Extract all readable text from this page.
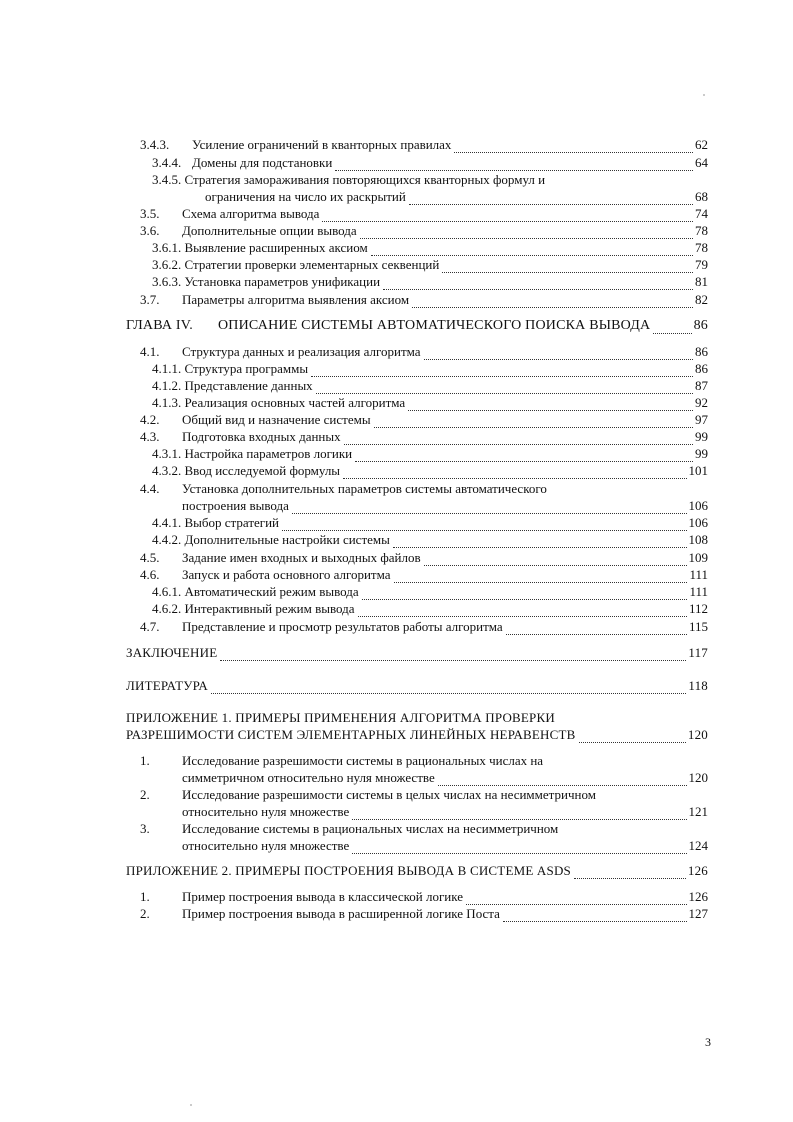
3.4.3. Усиление ограничений в кванторных правилах	62
3.4.4. Домены для подстановки	64
3.4.5. Стратегия замораживания повторяющихся кванторных формул и
ограничения на число их раскрытий	68
3.5. Схема алгоритма вывода	74
3.6. Дополнительные опции вывода	78
3.6.1. Выявление расширенных аксиом	78
3.6.2. Стратегии проверки элементарных секвенций	79
3.6.3. Установка параметров унификации	81
3.7. Параметры алгоритма выявления аксиом	82
ГЛАВА IV. ОПИСАНИЕ СИСТЕМЫ АВТОМАТИЧЕСКОГО ПОИСКА ВЫВОДА	86
4.1. Структура данных и реализация алгоритма	86
4.1.1. Структура программы	86
4.1.2. Представление данных	87
4.1.3. Реализация основных частей алгоритма	92
4.2. Общий вид и назначение системы	97
4.3. Подготовка входных данных	99
4.3.1. Настройка параметров логики	99
4.3.2. Ввод исследуемой формулы	101
4.4. Установка дополнительных параметров системы автоматического
построения вывода	106
4.4.1. Выбор стратегий	106
4.4.2. Дополнительные настройки системы	108
4.5. Задание имен входных и выходных файлов	109
4.6. Запуск и работа основного алгоритма	111
4.6.1. Автоматический режим вывода	111
4.6.2. Интерактивный режим вывода	112
4.7. Представление и просмотр результатов работы алгоритма	115
ЗАКЛЮЧЕНИЕ	117
ЛИТЕРАТУРА	118
ПРИЛОЖЕНИЕ 1. ПРИМЕРЫ ПРИМЕНЕНИЯ АЛГОРИТМА ПРОВЕРКИ
РАЗРЕШИМОСТИ СИСТЕМ ЭЛЕМЕНТАРНЫХ ЛИНЕЙНЫХ НЕРАВЕНСТВ	120
1. Исследование разрешимости системы в рациональных числах на
симметричном относительно нуля множестве	120
2. Исследование разрешимости системы в целых числах на несимметричном
относительно нуля множестве	121
3. Исследование системы в рациональных числах на несимметричном
относительно нуля множестве	124
ПРИЛОЖЕНИЕ 2. ПРИМЕРЫ ПОСТРОЕНИЯ ВЫВОДА В СИСТЕМЕ ASDS	126
1. Пример построения вывода в классической логике	126
2. Пример построения вывода в расширенной логике Поста	127
3
